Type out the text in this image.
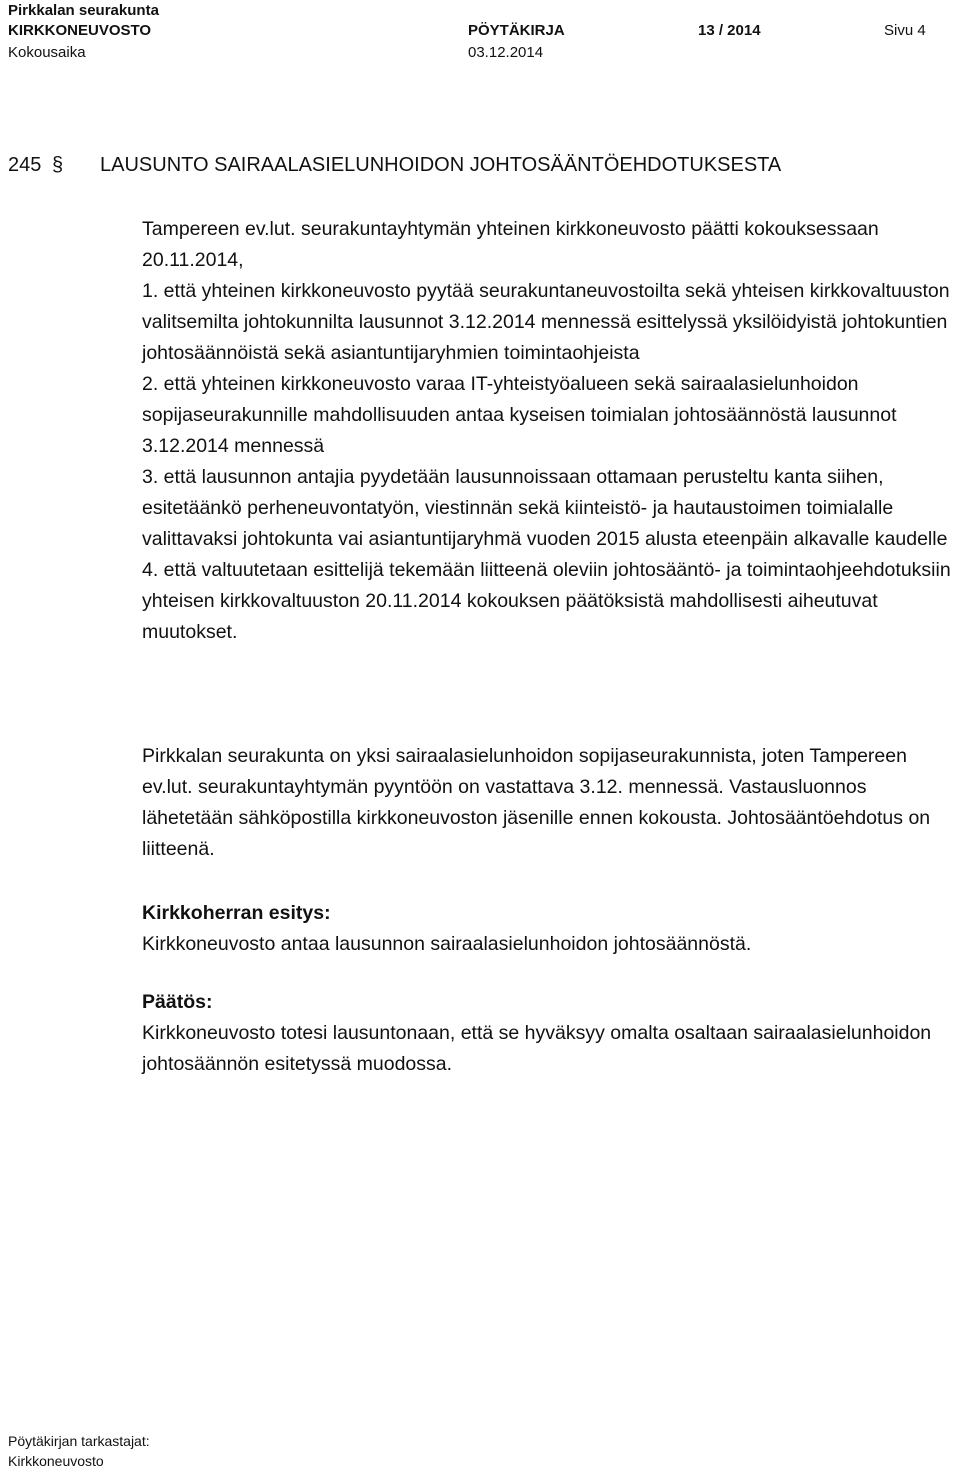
Pirkkalan seurakunta
KIRKKONEUVOSTO	PÖYTÄKIRJA	13 / 2014	Sivu 4
Kokousaika	03.12.2014
245 §	LAUSUNTO SAIRAALASIELUNHOIDON JOHTOSÄÄNTÖEHDOTUKSESTA

Tampereen ev.lut. seurakuntayhtymän yhteinen kirkkoneuvosto päätti kokouksessaan 20.11.2014,

1. että yhteinen kirkkoneuvosto pyytää seurakuntaneuvostoilta sekä yhteisen kirkkovaltuuston valitsemilta johtokunnilta lausunnot 3.12.2014 mennessä esittelyssä yksilöidyistä johtokuntien johtosäännöistä sekä asiantuntijaryhmien toimintaohjeista
2. että yhteinen kirkkoneuvosto varaa IT-yhteistyöalueen sekä sairaalasielunhoidon sopijaseurakunnille mahdollisuuden antaa kyseisen toimialan johtosäännöstä lausunnot 3.12.2014 mennessä
3. että lausunnon antajia pyydetään lausunnoissaan ottamaan perusteltu kanta siihen, esitetäänkö perheneuvontatyön, viestinnän sekä kiinteistö- ja hautaustoimen toimialalle valittavaksi johtokunta vai asiantuntijaryhmä vuoden 2015 alusta eteenpäin alkavalle kaudelle
4. että valtuutetaan esittelijä tekemään liitteenä oleviin johtosääntö- ja toimintaohjeehdotuksiin yhteisen kirkkovaltuuston 20.11.2014 kokouksen päätöksistä mahdollisesti aiheutuvat muutokset.

Pirkkalan seurakunta on yksi sairaalasielunhoidon sopijaseurakunnista, joten Tampereen ev.lut. seurakuntayhtymän pyyntöön on vastattava 3.12. mennessä. Vastausluonnos lähetetään sähköpostilla kirkkoneuvoston jäsenille ennen kokousta. Johtosääntöehdotus on liitteenä.

Kirkkoherran esitys:

Kirkkoneuvosto antaa lausunnon sairaalasielunhoidon johtosäännöstä.

Päätös:

Kirkkoneuvosto totesi lausuntonaan, että se hyväksyy omalta osaltaan sairaalasielunhoidon johtosäännön esitetyssä muodossa.

Pöytäkirjan tarkastajat:
Kirkkoneuvosto
